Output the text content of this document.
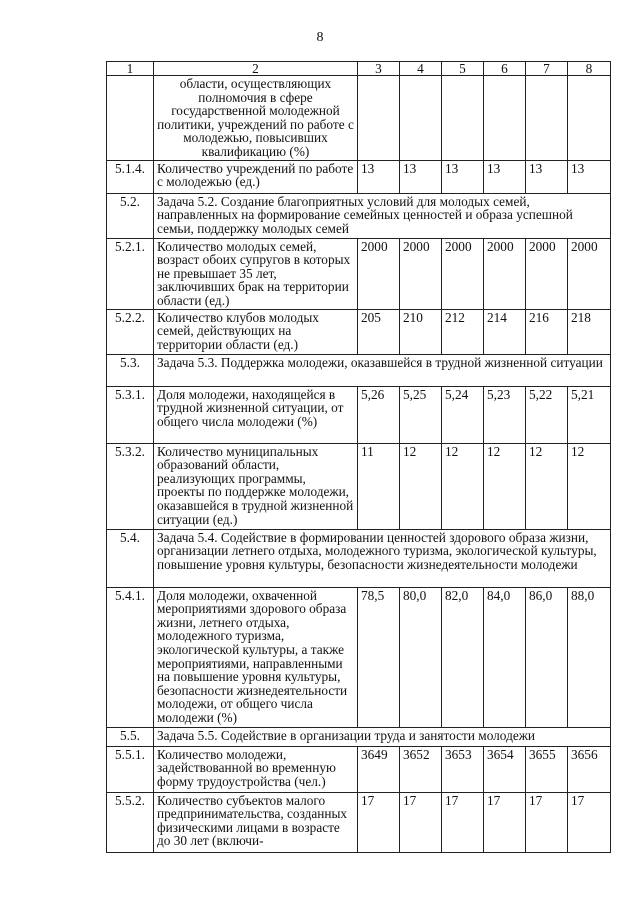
8
1	2	3	4	5	6	7	8
	области, осуществляющих полномочия в сфере государственной молодежной политики, учреждений по работе с молодежью, повысивших квалификацию (%)						
5.1.4.	Количество учреждений по работе с молодежью (ед.)	13	13	13	13	13	13
5.2.	Задача 5.2. Создание благоприятных условий для молодых семей, направленных на формирование семейных ценностей и образа успешной семьи, поддержку молодых семей						
5.2.1.	Количество молодых семей, возраст обоих супругов в которых не превышает 35 лет, заключивших брак на территории области (ед.)	2000	2000	2000	2000	2000	2000
5.2.2.	Количество клубов молодых семей, действующих на территории области (ед.)	205	210	212	214	216	218
5.3.	Задача 5.3. Поддержка молодежи, оказавшейся в трудной жизненной ситуации						
5.3.1.	Доля молодежи, находящейся в трудной жизненной ситуации, от общего числа молодежи (%)	5,26	5,25	5,24	5,23	5,22	5,21
5.3.2.	Количество муниципальных образований области, реализующих программы, проекты по поддержке молодежи, оказавшейся в трудной жизненной ситуации (ед.)	11	12	12	12	12	12
5.4.	Задача 5.4. Содействие в формировании ценностей здорового образа жизни, организации летнего отдыха, молодежного туризма, экологической культуры, повышение уровня культуры, безопасности жизнедеятельности молодежи						
5.4.1.	Доля молодежи, охваченной мероприятиями здорового образа жизни, летнего отдыха, молодежного туризма, экологической культуры, а также мероприятиями, направленными на повышение уровня культуры, безопасности жизнедеятельности молодежи, от общего числа молодежи (%)	78,5	80,0	82,0	84,0	86,0	88,0
5.5.	Задача 5.5. Содействие в организации труда и занятости молодежи						
5.5.1.	Количество молодежи, задействованной во временную форму трудоустройства (чел.)	3649	3652	3653	3654	3655	3656
5.5.2.	Количество субъектов малого предпринимательства, созданных физическими лицами в возрасте до 30 лет (включи-	17	17	17	17	17	17
